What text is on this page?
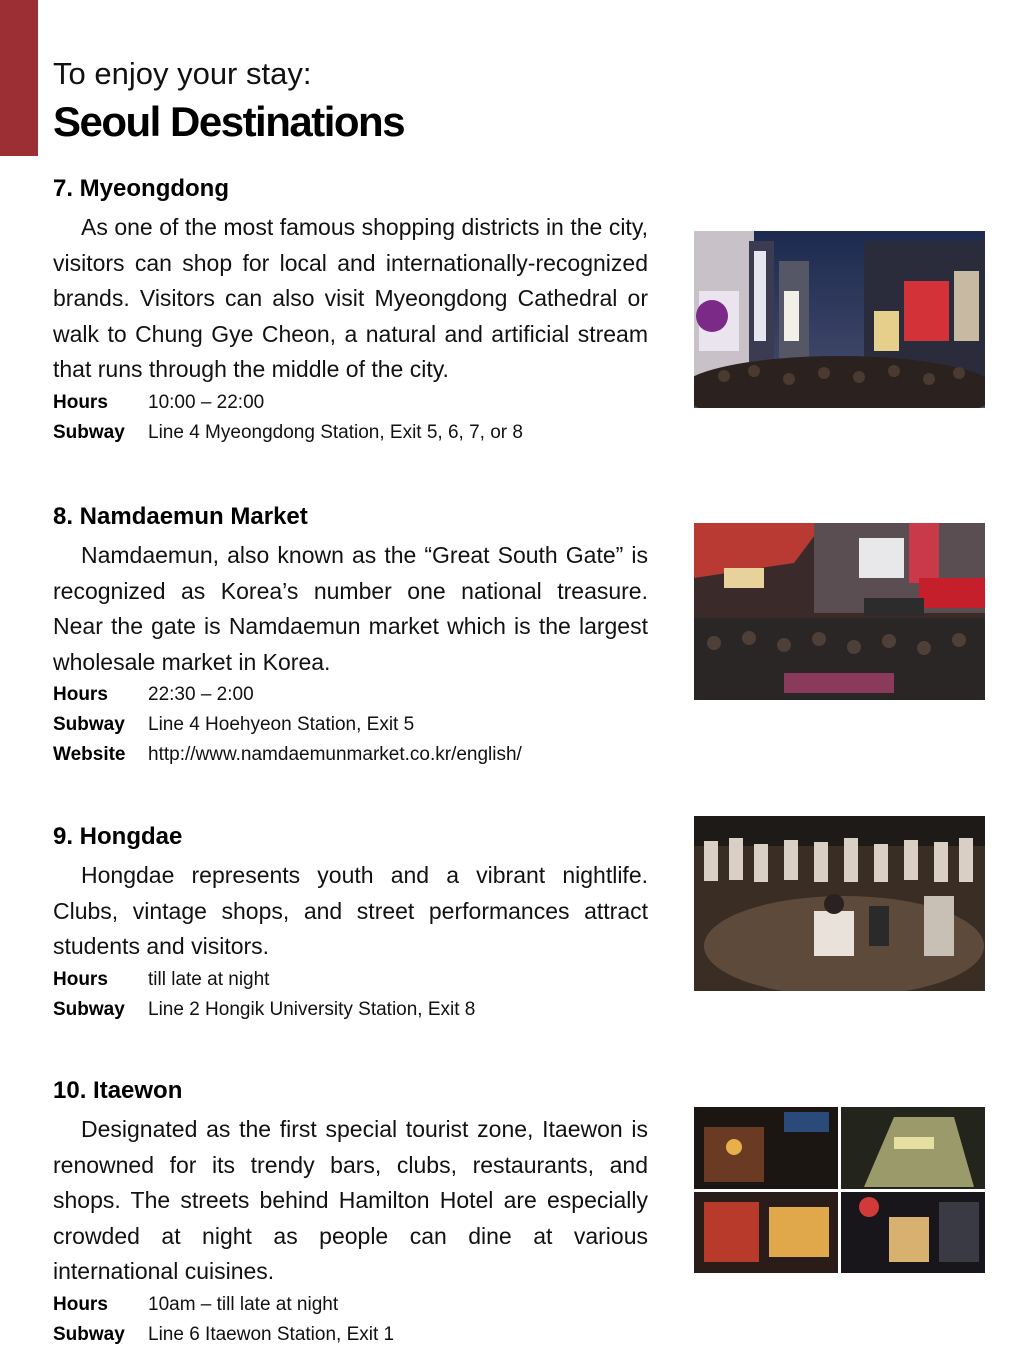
To enjoy your stay:
Seoul Destinations
7. Myeongdong

As one of the most famous shopping districts in the city, visitors can shop for local and internationally-recognized brands. Visitors can also visit Myeongdong Cathedral or walk to Chung Gye Cheon, a natural and artificial stream that runs through the middle of the city.

Hours 10:00 – 22:00
Subway Line 4 Myeongdong Station, Exit 5, 6, 7, or 8
8. Namdaemun Market

Namdaemun, also known as the “Great South Gate” is recognized as Korea’s number one national treasure. Near the gate is Namdaemun market which is the largest wholesale market in Korea.

Hours 22:30 – 2:00
Subway Line 4 Hoehyeon Station, Exit 5
Website http://www.namdaemunmarket.co.kr/english/
9. Hongdae

Hongdae represents youth and a vibrant nightlife. Clubs, vintage shops, and street performances attract students and visitors.

Hours till late at night
Subway Line 2 Hongik University Station, Exit 8
10. Itaewon

Designated as the first special tourist zone, Itaewon is renowned for its trendy bars, clubs, restaurants, and shops. The streets behind Hamilton Hotel are especially crowded at night as people can dine at various international cuisines.

Hours 10am – till late at night
Subway Line 6 Itaewon Station, Exit 1
